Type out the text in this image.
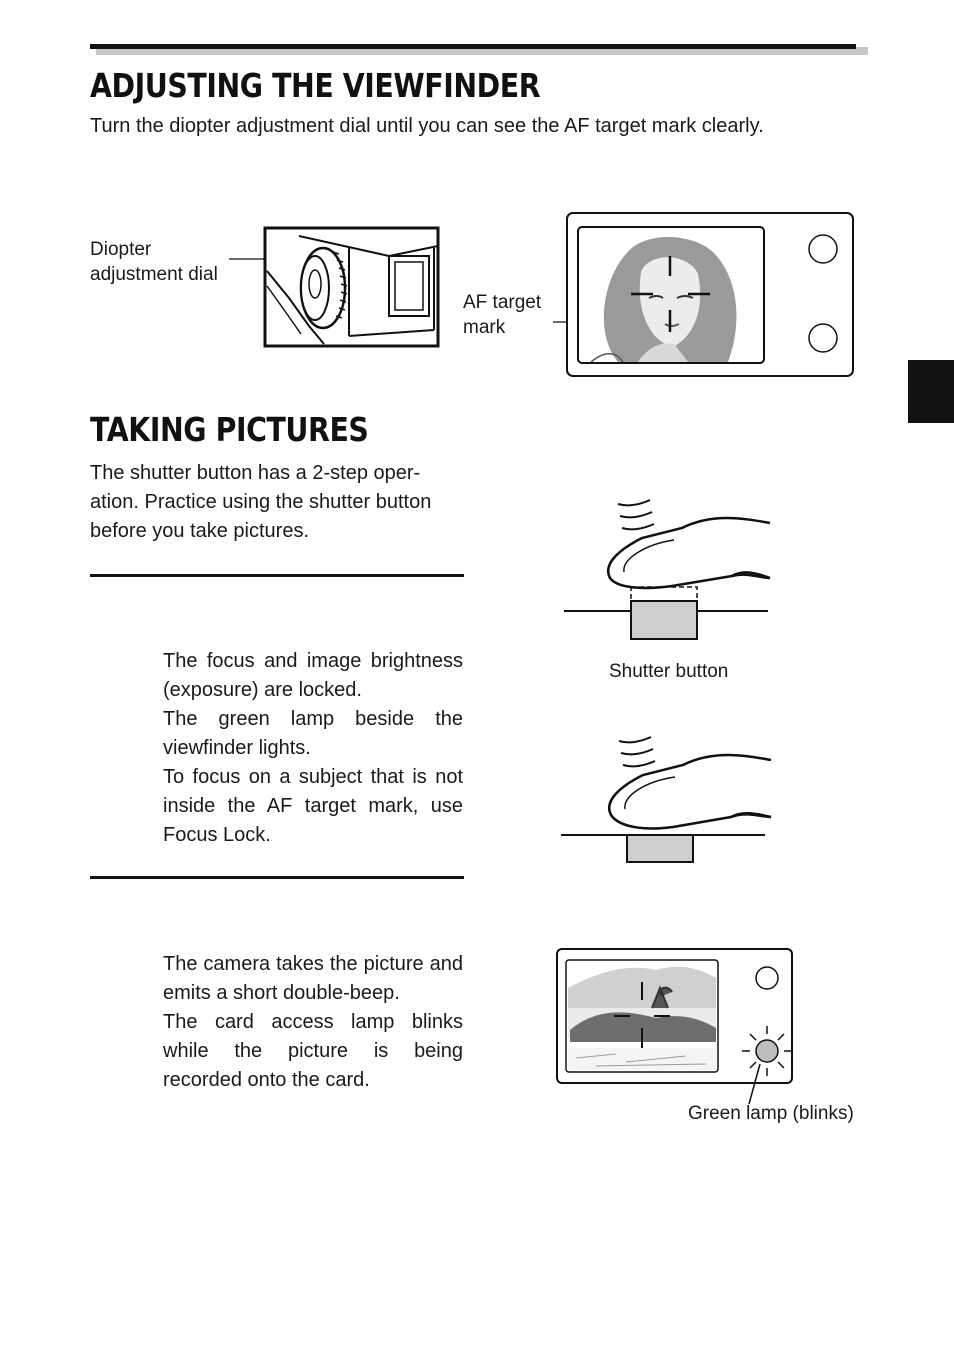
ADJUSTING THE VIEWFINDER
Turn the diopter adjustment dial until you can see the AF target mark clearly.
Diopter
adjustment dial
AF target
mark
TAKING PICTURES
The shutter button has a 2-step oper-
ation. Practice using the shutter button
before you take pictures.

The focus and image brightness (exposure) are locked.

The green lamp beside the viewfinder lights.

To focus on a subject that is not inside the AF target mark, use Focus Lock.

Shutter button

The camera takes the picture and emits a short double-beep.

The card access lamp blinks while the picture is being recorded onto the card.

Green lamp (blinks)
